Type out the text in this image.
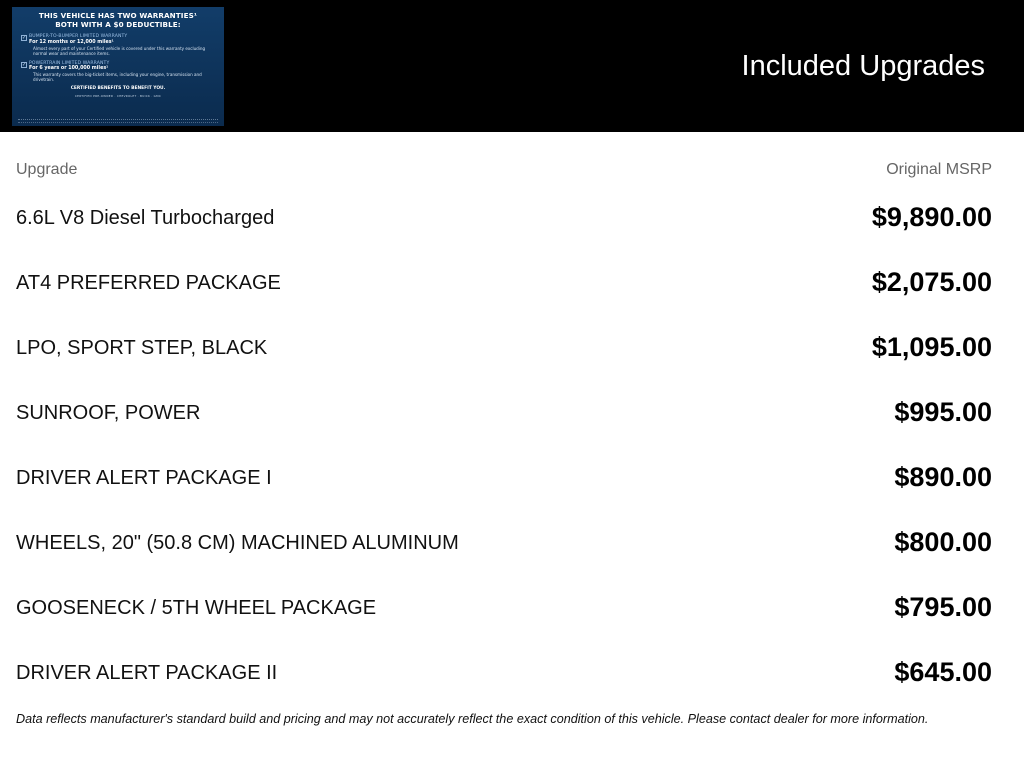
THIS VEHICLE HAS TWO WARRANTIES¹
BOTH WITH A $0 DEDUCTIBLE:
✓ BUMPER-TO-BUMPER LIMITED WARRANTY
For 12 months or 12,000 miles¹
Almost every part of your Certified vehicle is covered under this warranty excluding normal wear and maintenance items.
✓ POWERTRAIN LIMITED WARRANTY
For 6 years or 100,000 miles¹
This warranty covers the big-ticket items, including your engine, transmission and drivetrain.
CERTIFIED BENEFITS TO BENEFIT YOU.
CERTIFIED PRE-OWNED · CHEVROLET · BUICK · GMC
Included Upgrades
Upgrade	Original MSRP
6.6L V8 Diesel Turbocharged	$9,890.00
AT4 PREFERRED PACKAGE	$2,075.00
LPO, SPORT STEP, BLACK	$1,095.00
SUNROOF, POWER	$995.00
DRIVER ALERT PACKAGE I	$890.00
WHEELS, 20" (50.8 CM) MACHINED ALUMINUM	$800.00
GOOSENECK / 5TH WHEEL PACKAGE	$795.00
DRIVER ALERT PACKAGE II	$645.00
Data reflects manufacturer's standard build and pricing and may not accurately reflect the exact condition of this vehicle. Please contact dealer for more information.
